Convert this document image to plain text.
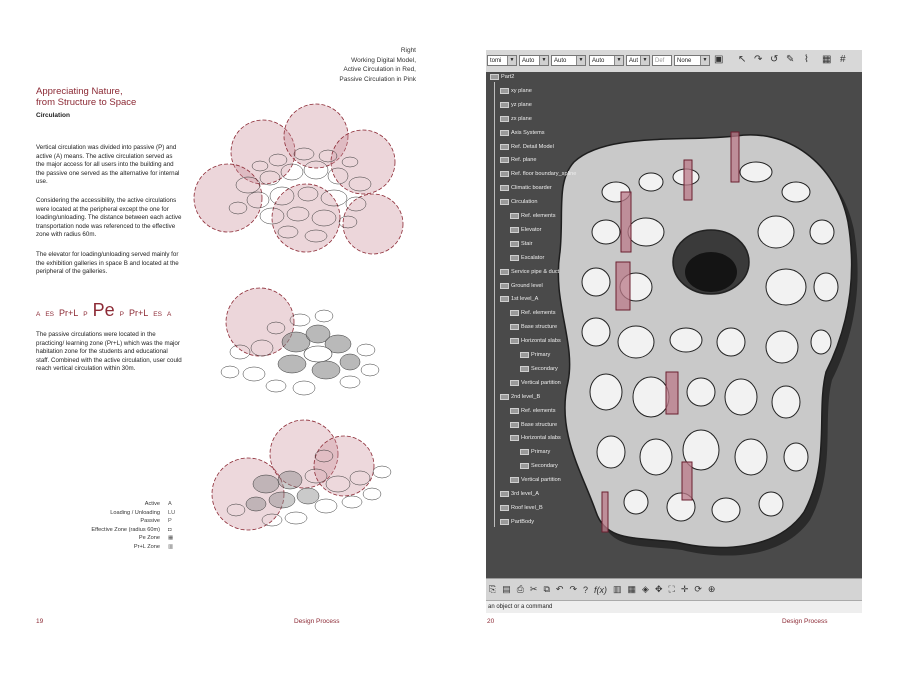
Right
Working Digital Model,
Active Circulation in Red,
Passive Circulation in Pink
Appreciating Nature,
from Structure to Space
Circulation
Vertical circulation was divided into passive (P) and active (A) means. The active circulation served as the major access for all users into the building and the passive one served as the alternative for internal use.
Considering the accessibility, the active circulations were located at the peripheral except the one for loading/unloading. The distance between each active transportation node was referenced to the effective zone with radius 60m.
The elevator for loading/unloading served mainly for the exhibition galleries in space B and located at the peripheral of the galleries.
A ES Pr+L P Pe P Pr+L ES A
The passive circulations were located in the practicing/ learning zone (Pr+L) which was the major habitation zone for the students and educational staff. Combined with the active circulation, user could reach vertical circulation within 30m.
Active A
Loading / Unloading LU
Passive P
Effective Zone (radius 60m) ◘
Pe Zone ▦
Pr+L Zone ▥
19	Design Process
tomi	▼	Auto	▼	Auto	▼	Auto	▼	Aut ▼	Def	None	▼ ▣ ↖ ↷ ↺ ✎ ⌇ ▦ #
Part2
xy plane
yz plane
zx plane
Axis Systems
Ref. Detail Model
Ref. plane
Ref. floor boundary_spline
Climatic boarder
Circulation
Ref. elements
Elevator
Stair
Escalator
Service pipe & duct
Ground level
1st level_A
Ref. elements
Base structure
Horizontal slabs
Primary
Secondary
Vertical partition
2nd level_B
Ref. elements
Base structure
Horizontal slabs
Primary
Secondary
Vertical partition
3rd level_A
Roof level_B
PartBody
⎘ ▤ ⎙ ✂ ⧉ ↶ ↷ ? f(x) ▥ ▦ ◈ ✥ ⛶ ✛ ⟳ ⊕
an object or a command
20	Design Process
